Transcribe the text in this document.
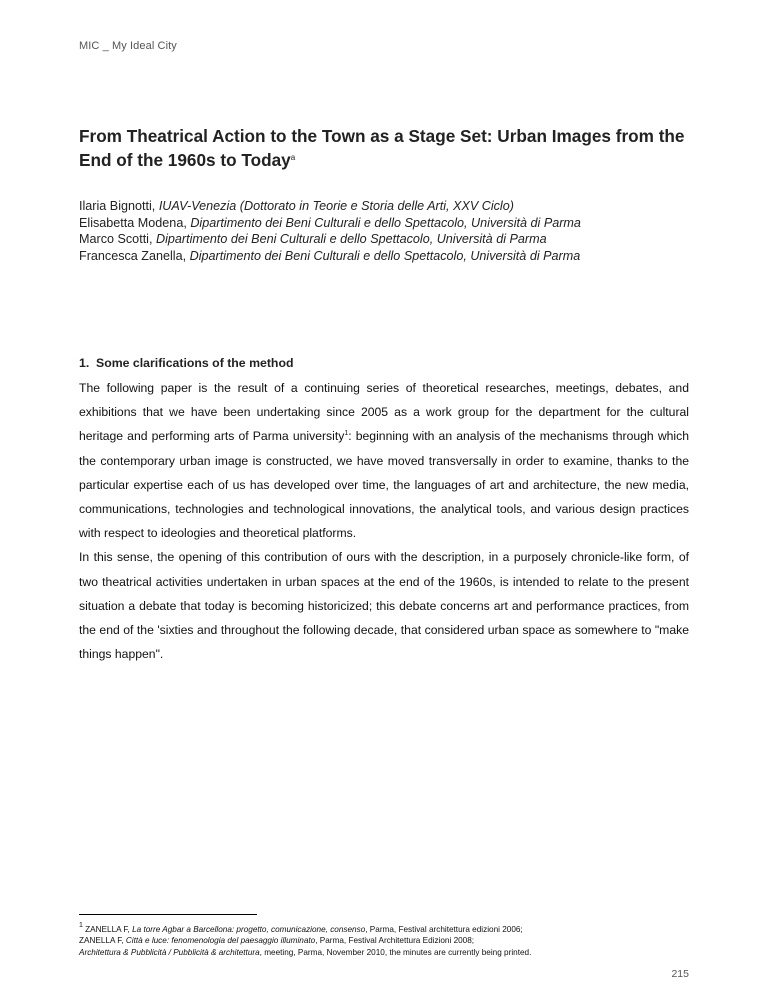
MIC _ My Ideal City
From Theatrical Action to the Town as a Stage Set: Urban Images from the End of the 1960s to Today$^a$
Ilaria Bignotti, IUAV-Venezia (Dottorato in Teorie e Storia delle Arti, XXV Ciclo)
Elisabetta Modena, Dipartimento dei Beni Culturali e dello Spettacolo, Università di Parma
Marco Scotti, Dipartimento dei Beni Culturali e dello Spettacolo, Università di Parma
Francesca Zanella, Dipartimento dei Beni Culturali e dello Spettacolo, Università di Parma
1. Some clarifications of the method

The following paper is the result of a continuing series of theoretical researches, meetings, debates, and exhibitions that we have been undertaking since 2005 as a work group for the department for the cultural heritage and performing arts of Parma university$^1$: beginning with an analysis of the mechanisms through which the contemporary urban image is constructed, we have moved transversally in order to examine, thanks to the particular expertise each of us has developed over time, the languages of art and architecture, the new media, communications, technologies and technological innovations, the analytical tools, and various design practices with respect to ideologies and theoretical platforms.

In this sense, the opening of this contribution of ours with the description, in a purposely chronicle-like form, of two theatrical activities undertaken in urban spaces at the end of the 1960s, is intended to relate to the present situation a debate that today is becoming historicized; this debate concerns art and performance practices, from the end of the 'sixties and throughout the following decade, that considered urban space as somewhere to "make things happen".

$^1$ ZANELLA F, La torre Agbar a Barcellona: progetto, comunicazione, consenso, Parma, Festival architettura edizioni 2006;
ZANELLA F, Città e luce: fenomenologia del paesaggio illuminato, Parma, Festival Architettura Edizioni 2008;
Architettura & Pubblicità / Pubblicità & architettura, meeting, Parma, November 2010, the minutes are currently being printed.
215
